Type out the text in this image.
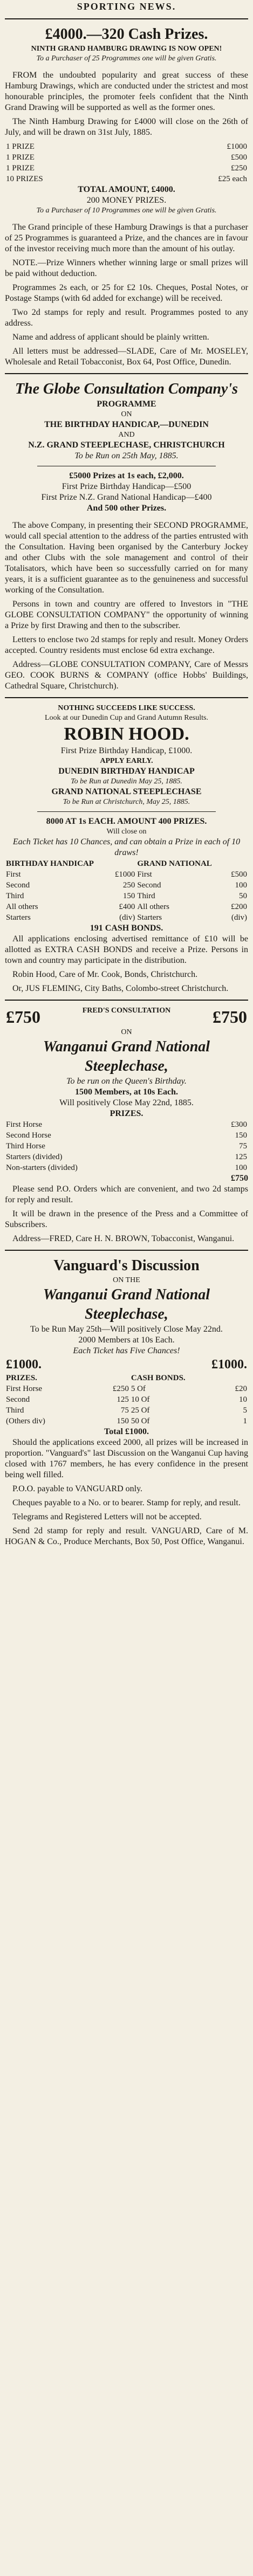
SPORTING NEWS.
£4000.—320 Cash Prizes.
NINTH GRAND HAMBURG DRAWING IS NOW OPEN!
To a Purchaser of 25 Programmes one will be given Gratis.

FROM the undoubted popularity and great success of these Hamburg Drawings, which are conducted under the strictest and most honourable principles, the promoter feels confident that the Ninth Grand Drawing will be supported as well as the former ones.

The Ninth Hamburg Drawing for £4000 will close on the 26th of July, and will be drawn on 31st July, 1885.

1 PRIZE	£1000
1 PRIZE	£500
1 PRIZE	£250
10 PRIZES	£25 each
TOTAL AMOUNT, £4000.
200 MONEY PRIZES.
To a Purchaser of 10 Programmes one will be given Gratis.

The Grand principle of these Hamburg Drawings is that a purchaser of 25 Programmes is guaranteed a Prize, and the chances are in favour of the investor receiving much more than the amount of his outlay.

NOTE.—Prize Winners whether winning large or small prizes will be paid without deduction.

Programmes 2s each, or 25 for £2 10s. Cheques, Postal Notes, or Postage Stamps (with 6d added for exchange) will be received.

Two 2d stamps for reply and result. Programmes posted to any address.

Name and address of applicant should be plainly written.

All letters must be addressed—SLADE, Care of Mr. MOSELEY, Wholesale and Retail Tobacconist, Box 64, Post Office, Dunedin.

The Globe Consultation Company's
PROGRAMME
ON
THE BIRTHDAY HANDICAP,—DUNEDIN
AND
N.Z. GRAND STEEPLECHASE, CHRISTCHURCH
To be Run on 25th May, 1885.
£5000 Prizes at 1s each, £2,000.
First Prize Birthday Handicap—£500
First Prize N.Z. Grand National Handicap—£400
And 500 other Prizes.

The above Company, in presenting their SECOND PROGRAMME, would call special attention to the address of the parties entrusted with the Consultation. Having been organised by the Canterbury Jockey and other Clubs with the sole management and control of their Totalisators, which have been so successfully carried on for many years, it is a sufficient guarantee as to the genuineness and successful working of the Consultation.

Persons in town and country are offered to Investors in "THE GLOBE CONSULTATION COMPANY" the opportunity of winning a Prize by first Drawing and then to the subscriber.

Letters to enclose two 2d stamps for reply and result. Money Orders accepted. Country residents must enclose 6d extra exchange.

Address—GLOBE CONSULTATION COMPANY, Care of Messrs GEO. COOK BURNS & COMPANY (office Hobbs' Buildings, Cathedral Square, Christchurch).

NOTHING SUCCEEDS LIKE SUCCESS.
Look at our Dunedin Cup and Grand Autumn Results.
ROBIN HOOD.
First Prize Birthday Handicap, £1000.
APPLY EARLY.
DUNEDIN BIRTHDAY HANDICAP
To be Run at Dunedin May 25, 1885.
GRAND NATIONAL STEEPLECHASE
To be Run at Christchurch, May 25, 1885.
8000 AT 1s EACH. AMOUNT 400 PRIZES.
Will close on
Each Ticket has 10 Chances, and can obtain a Prize in each of 10 draws!
BIRTHDAY HANDICAP		GRAND NATIONAL	
First	£1000	First	£500
Second	250	Second	100
Third	150	Third	50
All others	£400	All others	£200
Starters	(div)	Starters	(div)
191 CASH BONDS.

All applications enclosing advertised remittance of £10 will be allotted as EXTRA CASH BONDS and receive a Prize. Persons in town and country may participate in the distribution.

Robin Hood, Care of Mr. Cook, Bonds, Christchurch.

Or, JUS FLEMING, City Baths, Colombo-street Christchurch.

£750	FRED'S CONSULTATION	£750
ON
Wanganui Grand National Steeplechase,
To be run on the Queen's Birthday.
1500 Members, at 10s Each.
Will positively Close May 22nd, 1885.
PRIZES.
First Horse	£300
Second Horse	150
Third Horse	75
Starters (divided)	125
Non-starters (divided)	100
£750

Please send P.O. Orders which are convenient, and two 2d stamps for reply and result.

It will be drawn in the presence of the Press and a Committee of Subscribers.

Address—FRED, Care H. N. BROWN, Tobacconist, Wanganui.

Vanguard's Discussion
ON THE
Wanganui Grand National Steeplechase,
To be Run May 25th—Will positively Close May 22nd.
2000 Members at 10s Each.
Each Ticket has Five Chances!
£1000.	£1000.
PRIZES.		CASH BONDS.	
First Horse	£250	5 Of	£20
Second	125	10 Of	10
Third	75	25 Of	5
(Others div)	150	50 Of	1
Total £1000.

Should the applications exceed 2000, all prizes will be increased in proportion. "Vanguard's" last Discussion on the Wanganui Cup having closed with 1767 members, he has every confidence in the present being well filled.

P.O.O. payable to VANGUARD only.

Cheques payable to a No. or to bearer. Stamp for reply, and result.

Telegrams and Registered Letters will not be accepted.

Send 2d stamp for reply and result. VANGUARD, Care of M. HOGAN & Co., Produce Merchants, Box 50, Post Office, Wanganui.
